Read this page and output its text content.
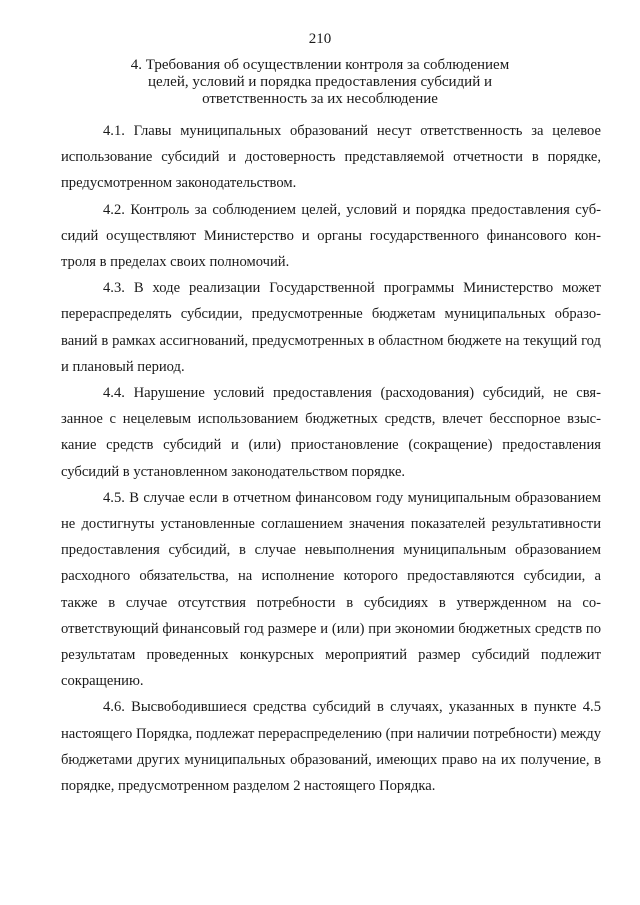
210
4. Требования об осуществлении контроля за соблюдением
целей, условий и порядка предоставления субсидий и
ответственность за их несоблюдение

4.1. Главы муниципальных образований несут ответственность за целевое использование субсидий и достоверность представляемой отчетности в порядке, предусмотренном законодательством.

4.2. Контроль за соблюдением целей, условий и порядка предоставления субсидий осуществляют Министерство и органы государственного финансового контроля в пределах своих полномочий.

4.3. В ходе реализации Государственной программы Министерство может перераспределять субсидии, предусмотренные бюджетам муниципальных образований в рамках ассигнований, предусмотренных в областном бюджете на текущий год и плановый период.

4.4. Нарушение условий предоставления (расходования) субсидий, не связанное с нецелевым использованием бюджетных средств, влечет бесспорное взыскание средств субсидий и (или) приостановление (сокращение) предоставления субсидий в установленном законодательством порядке.

4.5. В случае если в отчетном финансовом году муниципальным образованием не достигнуты установленные соглашением значения показателей результативности предоставления субсидий, в случае невыполнения муниципальным образованием расходного обязательства, на исполнение которого предоставляются субсидии, а также в случае отсутствия потребности в субсидиях в утвержденном на соответствующий финансовый год размере и (или) при экономии бюджетных средств по результатам проведенных конкурсных мероприятий размер субсидий подлежит сокращению.

4.6. Высвободившиеся средства субсидий в случаях, указанных в пункте 4.5 настоящего Порядка, подлежат перераспределению (при наличии потребности) между бюджетами других муниципальных образований, имеющих право на их получение, в порядке, предусмотренном разделом 2 настоящего Порядка.
